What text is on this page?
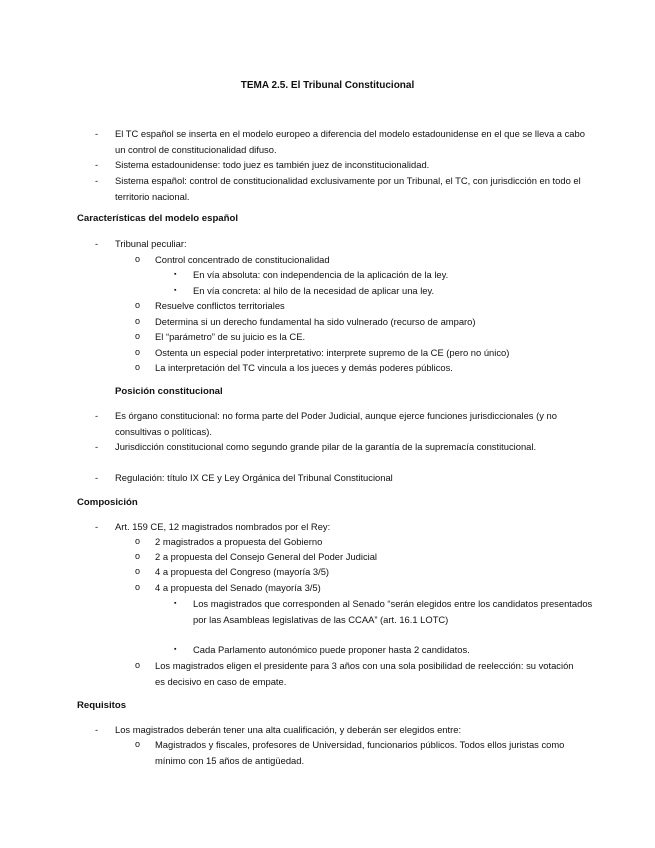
TEMA 2.5. El Tribunal Constitucional
- El TC español se inserta en el modelo europeo a diferencia del modelo estadounidense en el que se lleva a cabo un control de constitucionalidad difuso.
- Sistema estadounidense: todo juez es también juez de inconstitucionalidad.
- Sistema español: control de constitucionalidad exclusivamente por un Tribunal, el TC, con jurisdicción en todo el territorio nacional.
Características del modelo español
- Tribunal peculiar:
o Control concentrado de constitucionalidad
▪ En vía absoluta: con independencia de la aplicación de la ley.
▪ En vía concreta: al hilo de la necesidad de aplicar una ley.
o Resuelve conflictos territoriales
o Determina si un derecho fundamental ha sido vulnerado (recurso de amparo)
o El “parámetro” de su juicio es la CE.
o Ostenta un especial poder interpretativo: interprete supremo de la CE (pero no único)
o La interpretación del TC vincula a los jueces y demás poderes públicos.
Posición constitucional
- Es órgano constitucional: no forma parte del Poder Judicial, aunque ejerce funciones jurisdiccionales (y no consultivas o políticas).
- Jurisdicción constitucional como segundo grande pilar de la garantía de la supremacía constitucional.
- Regulación: título IX CE y Ley Orgánica del Tribunal Constitucional
Composición
- Art. 159 CE, 12 magistrados nombrados por el Rey:
o 2 magistrados a propuesta del Gobierno
o 2 a propuesta del Consejo General del Poder Judicial
o 4 a propuesta del Congreso (mayoría 3/5)
o 4 a propuesta del Senado (mayoría 3/5)
▪ Los magistrados que corresponden al Senado “serán elegidos entre los candidatos presentados por las Asambleas legislativas de las CCAA” (art. 16.1 LOTC)
▪ Cada Parlamento autonómico puede proponer hasta 2 candidatos.
o Los magistrados eligen el presidente para 3 años con una sola posibilidad de reelección: su votación es decisivo en caso de empate.
Requisitos
- Los magistrados deberán tener una alta cualificación, y deberán ser elegidos entre:
o Magistrados y fiscales, profesores de Universidad, funcionarios públicos. Todos ellos juristas como mínimo con 15 años de antigüedad.
